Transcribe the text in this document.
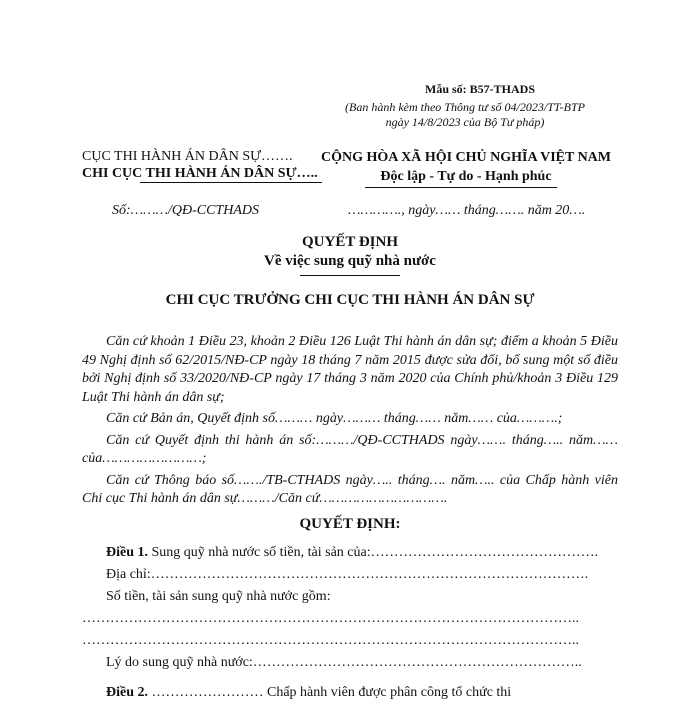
Mẫu số: B57-THADS
(Ban hành kèm theo Thông tư số 04/2023/TT-BTP
ngày 14/8/2023 của Bộ Tư pháp)
CỤC THI HÀNH ÁN DÂN SỰ…….
CHI CỤC THI HÀNH ÁN DÂN SỰ…..
CỘNG HÒA XÃ HỘI CHỦ NGHĨA VIỆT NAM
Độc lập - Tự do - Hạnh phúc
Số:………/QĐ-CCTHADS	…………., ngày…… tháng……. năm 20….
QUYẾT ĐỊNH
Về việc sung quỹ nhà nước
CHI CỤC TRƯỞNG CHI CỤC THI HÀNH ÁN DÂN SỰ

Căn cứ khoản 1 Điều 23, khoản 2 Điều 126 Luật Thi hành án dân sự; điểm a khoản 5 Điều 49 Nghị định số 62/2015/NĐ-CP ngày 18 tháng 7 năm 2015 được sửa đổi, bổ sung một số điều bởi Nghị định số 33/2020/NĐ-CP ngày 17 tháng 3 năm 2020 của Chính phủ/khoản 3 Điều 129 Luật Thi hành án dân sự;

Căn cứ Bản án, Quyết định số……… ngày……… tháng…… năm…… của……….;

Căn cứ Quyết định thi hành án số:………/QĐ-CCTHADS ngày……. tháng….. năm…… của……………………;

Căn cứ Thông báo số……./TB-CTHADS ngày….. tháng…. năm….. của Chấp hành viên Chi cục Thi hành án dân sự………/Căn cứ………………………….

QUYẾT ĐỊNH:
Điều 1. Sung quỹ nhà nước số tiền, tài sản của:………………………………………….
Địa chỉ:………………………………………………………………………………….
Số tiền, tài sản sung quỹ nhà nước gồm:
……………………………………………………………………………………………..
……………………………………………………………………………………………..
Lý do sung quỹ nhà nước:……………………………………………………………..
Điều 2. …………………… Chấp hành viên được phân công tổ chức thi
